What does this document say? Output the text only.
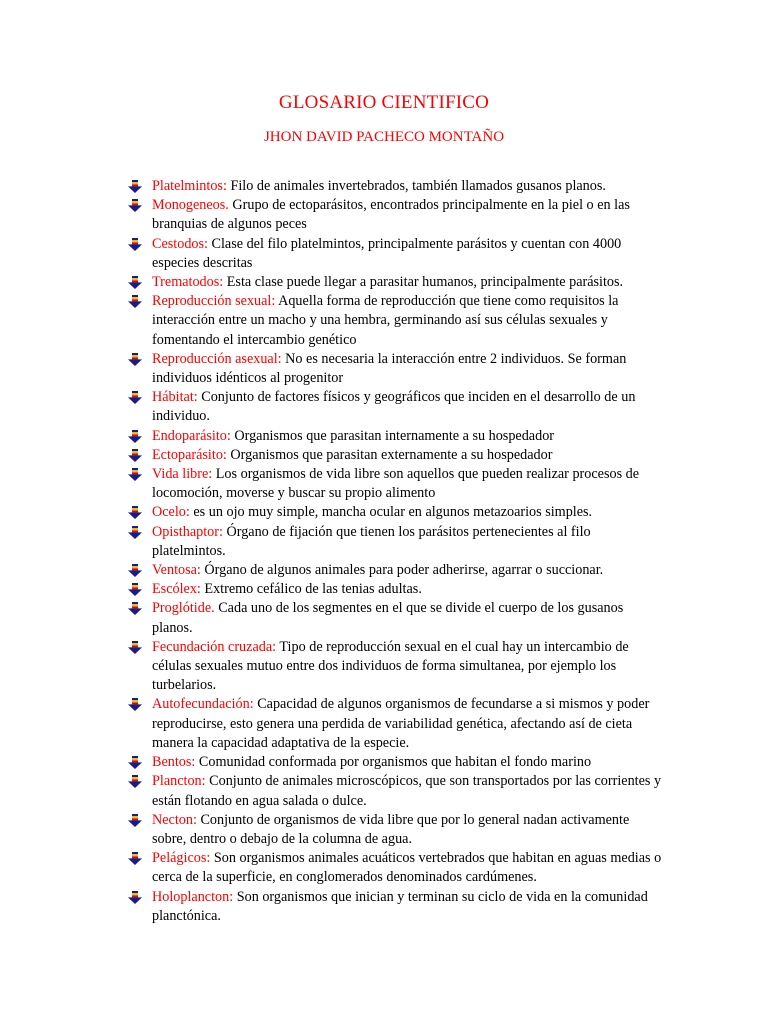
GLOSARIO CIENTIFICO
JHON DAVID PACHECO MONTAÑO
Platelmintos: Filo de animales invertebrados, también llamados gusanos planos.
Monogeneos. Grupo de ectoparásitos, encontrados principalmente en la piel o en las branquias de algunos peces
Cestodos: Clase del filo platelmintos, principalmente parásitos y cuentan con 4000 especies descritas
Trematodos: Esta clase puede llegar a parasitar humanos, principalmente parásitos.
Reproducción sexual: Aquella forma de reproducción que tiene como requisitos la interacción entre un macho y una hembra, germinando así sus células sexuales y fomentando el intercambio genético
Reproducción asexual: No es necesaria la interacción entre 2 individuos. Se forman individuos idénticos al progenitor
Hábitat: Conjunto de factores físicos y geográficos que inciden en el desarrollo de un individuo.
Endoparásito: Organismos que parasitan internamente a su hospedador
Ectoparásito: Organismos que parasitan externamente a su hospedador
Vida libre: Los organismos de vida libre son aquellos que pueden realizar procesos de locomoción, moverse y buscar su propio alimento
Ocelo: es un ojo muy simple, mancha ocular en algunos metazoarios simples.
Opisthaptor: Órgano de fijación que tienen los parásitos pertenecientes al filo platelmintos.
Ventosa: Órgano de algunos animales para poder adherirse, agarrar o succionar.
Escólex: Extremo cefálico de las tenias adultas.
Proglótide. Cada uno de los segmentes en el que se divide el cuerpo de los gusanos planos.
Fecundación cruzada: Tipo de reproducción sexual en el cual hay un intercambio de células sexuales mutuo entre dos individuos de forma simultanea, por ejemplo los turbelarios.
Autofecundación: Capacidad de algunos organismos de fecundarse a si mismos y poder reproducirse, esto genera una perdida de variabilidad genética, afectando así de cieta manera la capacidad adaptativa de la especie.
Bentos: Comunidad conformada por organismos que habitan el fondo marino
Plancton: Conjunto de animales microscópicos, que son transportados por las corrientes y están flotando en agua salada o dulce.
Necton: Conjunto de organismos de vida libre que por lo general nadan activamente sobre, dentro o debajo de la columna de agua.
Pelágicos: Son organismos animales acuáticos vertebrados que habitan en aguas medias o cerca de la superficie, en conglomerados denominados cardúmenes.
Holoplancton: Son organismos que inician y terminan su ciclo de vida en la comunidad planctónica.
